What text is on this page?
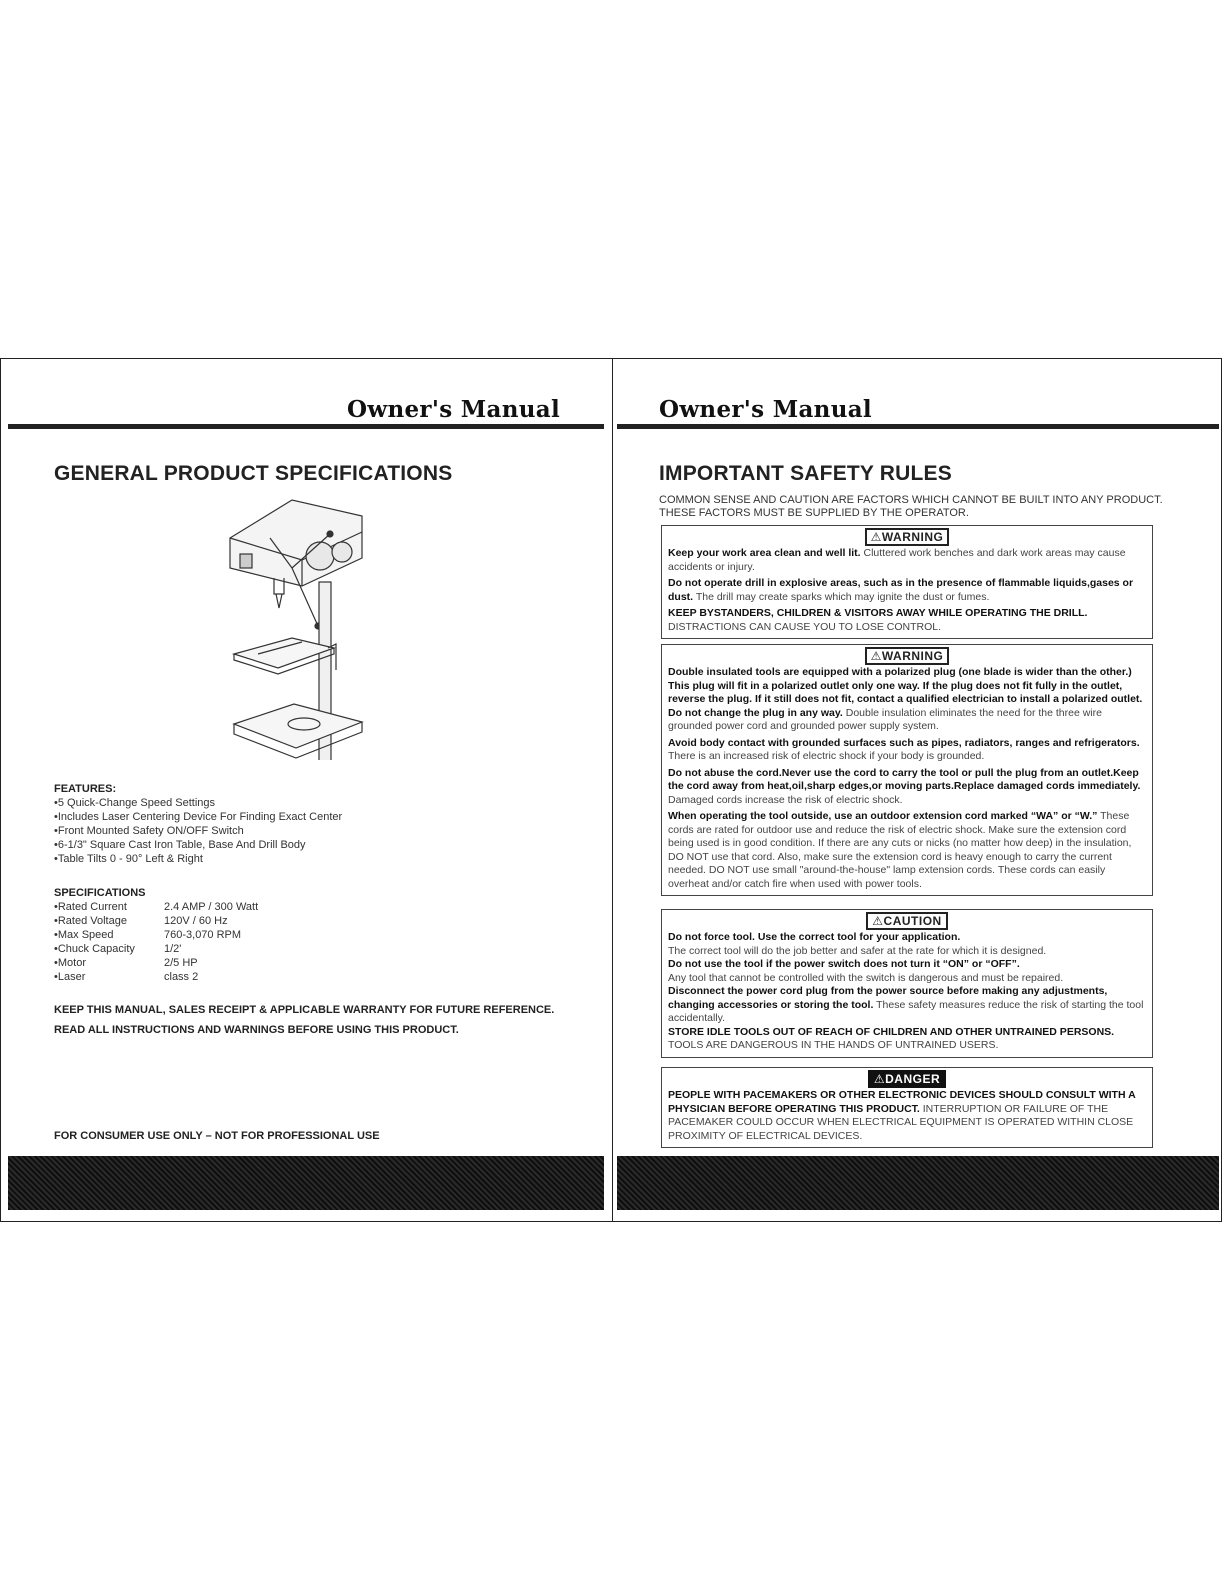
Owner's Manual
GENERAL PRODUCT SPECIFICATIONS
FEATURES:
• 5 Quick-Change Speed Settings
• Includes Laser Centering Device For Finding Exact Center
• Front Mounted Safety ON/OFF Switch
• 6-1/3" Square Cast Iron Table, Base And Drill Body
• Table Tilts 0 - 90° Left & Right
SPECIFICATIONS
• Rated Current	2.4 AMP / 300 Watt
• Rated Voltage	120V / 60 Hz
• Max Speed	760-3,070 RPM
• Chuck Capacity	1/2'
• Motor	2/5 HP
• Laser	class 2
KEEP THIS MANUAL, SALES RECEIPT & APPLICABLE WARRANTY FOR FUTURE REFERENCE.
READ ALL INSTRUCTIONS AND WARNINGS BEFORE USING THIS PRODUCT.
FOR CONSUMER USE ONLY – NOT FOR PROFESSIONAL USE
Owner's Manual
IMPORTANT SAFETY RULES
COMMON SENSE AND CAUTION ARE FACTORS WHICH CANNOT BE BUILT INTO ANY PRODUCT.
THESE FACTORS MUST BE SUPPLIED BY THE OPERATOR.
⚠WARNING

Keep your work area clean and well lit. Cluttered work benches and dark work areas may cause accidents or injury.

Do not operate drill in explosive areas, such as in the presence of flammable liquids,gases or dust. The drill may create sparks which may ignite the dust or fumes.

KEEP BYSTANDERS, CHILDREN & VISITORS AWAY WHILE OPERATING THE DRILL.
DISTRACTIONS CAN CAUSE YOU TO LOSE CONTROL.

⚠WARNING

Double insulated tools are equipped with a polarized plug (one blade is wider than the other.) This plug will fit in a polarized outlet only one way. If the plug does not fit fully in the outlet, reverse the plug. If it still does not fit, contact a qualified electrician to install a polarized outlet. Do not change the plug in any way. Double insulation eliminates the need for the three wire grounded power cord and grounded power supply system.

Avoid body contact with grounded surfaces such as pipes, radiators, ranges and refrigerators. There is an increased risk of electric shock if your body is grounded.

Do not abuse the cord.Never use the cord to carry the tool or pull the plug from an outlet.Keep the cord away from heat,oil,sharp edges,or moving parts.Replace damaged cords immediately. Damaged cords increase the risk of electric shock.

When operating the tool outside, use an outdoor extension cord marked “WA” or “W.” These cords are rated for outdoor use and reduce the risk of electric shock. Make sure the extension cord being used is in good condition. If there are any cuts or nicks (no matter how deep) in the insulation, DO NOT use that cord. Also, make sure the extension cord is heavy enough to carry the current needed. DO NOT use small "around-the-house" lamp extension cords. These cords can easily overheat and/or catch fire when used with power tools.

⚠CAUTION

Do not force tool. Use the correct tool for your application.
The correct tool will do the job better and safer at the rate for which it is designed.

Do not use the tool if the power switch does not turn it “ON” or “OFF”.
Any tool that cannot be controlled with the switch is dangerous and must be repaired.

Disconnect the power cord plug from the power source before making any adjustments, changing accessories or storing the tool. These safety measures reduce the risk of starting the tool accidentally.

STORE IDLE TOOLS OUT OF REACH OF CHILDREN AND OTHER UNTRAINED PERSONS.
TOOLS ARE DANGEROUS IN THE HANDS OF UNTRAINED USERS.

⚠DANGER

PEOPLE WITH PACEMAKERS OR OTHER ELECTRONIC DEVICES SHOULD CONSULT WITH A PHYSICIAN BEFORE OPERATING THIS PRODUCT. INTERRUPTION OR FAILURE OF THE PACEMAKER COULD OCCUR WHEN ELECTRICAL EQUIPMENT IS OPERATED WITHIN CLOSE PROXIMITY OF ELECTRICAL DEVICES.
